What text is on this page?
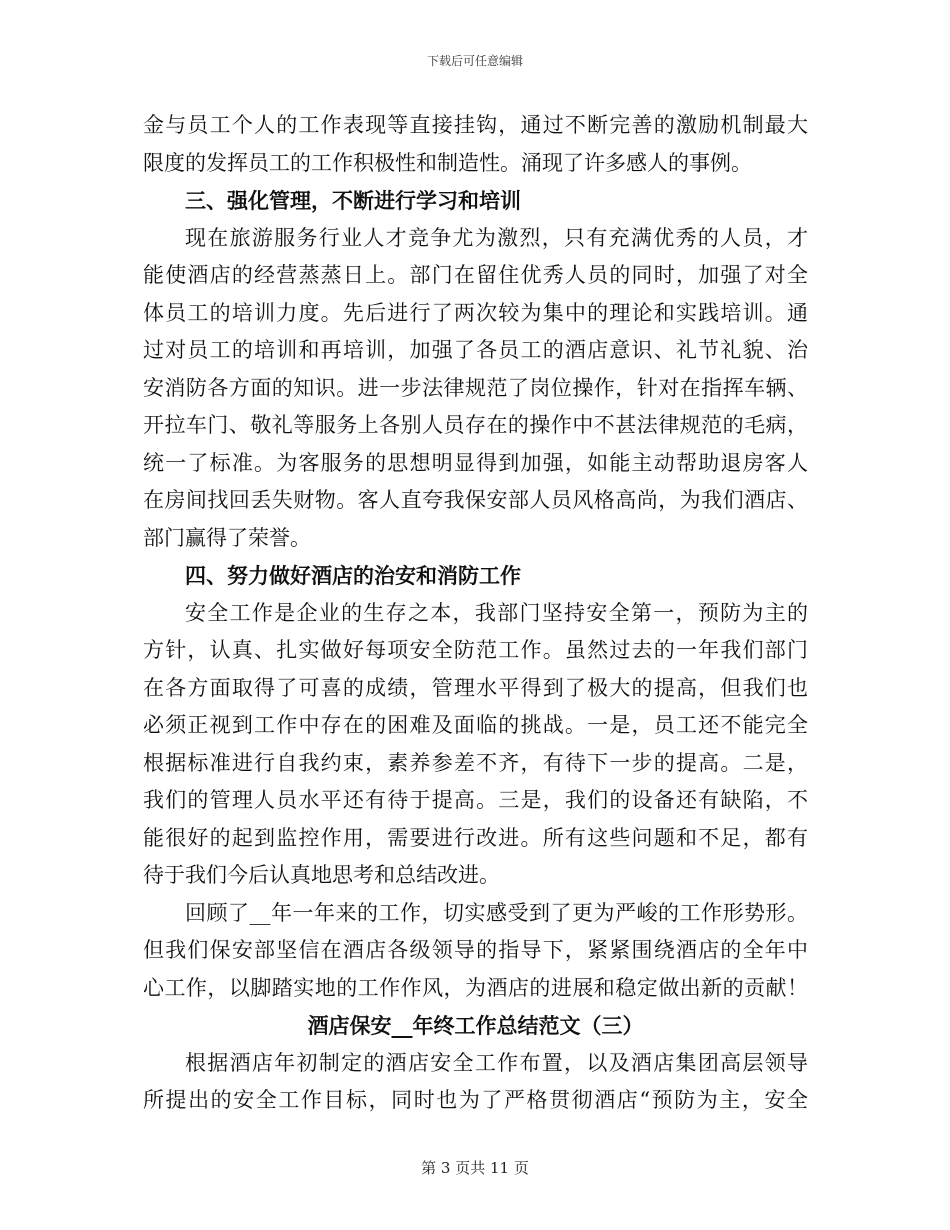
下载后可任意编辑
金与员工个人的工作表现等直接挂钩，通过不断完善的激励机制最大
限度的发挥员工的工作积极性和制造性。涌现了许多感人的事例。
三、强化管理，不断进行学习和培训
现在旅游服务行业人才竞争尤为激烈，只有充满优秀的人员，才
能使酒店的经营蒸蒸日上。部门在留住优秀人员的同时，加强了对全
体员工的培训力度。先后进行了两次较为集中的理论和实践培训。通
过对员工的培训和再培训，加强了各员工的酒店意识、礼节礼貌、治
安消防各方面的知识。进一步法律规范了岗位操作，针对在指挥车辆、
开拉车门、敬礼等服务上各别人员存在的操作中不甚法律规范的毛病，
统一了标准。为客服务的思想明显得到加强，如能主动帮助退房客人
在房间找回丢失财物。客人直夸我保安部人员风格高尚，为我们酒店、
部门赢得了荣誉。
四、努力做好酒店的治安和消防工作
安全工作是企业的生存之本，我部门坚持安全第一，预防为主的
方针，认真、扎实做好每项安全防范工作。虽然过去的一年我们部门
在各方面取得了可喜的成绩，管理水平得到了极大的提高，但我们也
必须正视到工作中存在的困难及面临的挑战。一是，员工还不能完全
根据标准进行自我约束，素养参差不齐，有待下一步的提高。二是，
我们的管理人员水平还有待于提高。三是，我们的设备还有缺陷，不
能很好的起到监控作用，需要进行改进。所有这些问题和不足，都有
待于我们今后认真地思考和总结改进。
回顾了__年一年来的工作，切实感受到了更为严峻的工作形势形。
但我们保安部坚信在酒店各级领导的指导下，紧紧围绕酒店的全年中
心工作，以脚踏实地的工作作风，为酒店的进展和稳定做出新的贡献！
酒店保安__年终工作总结范文（三）
根据酒店年初制定的酒店安全工作布置，以及酒店集团高层领导
所提出的安全工作目标，同时也为了严格贯彻酒店“预防为主，安全
第 3 页共 11 页
